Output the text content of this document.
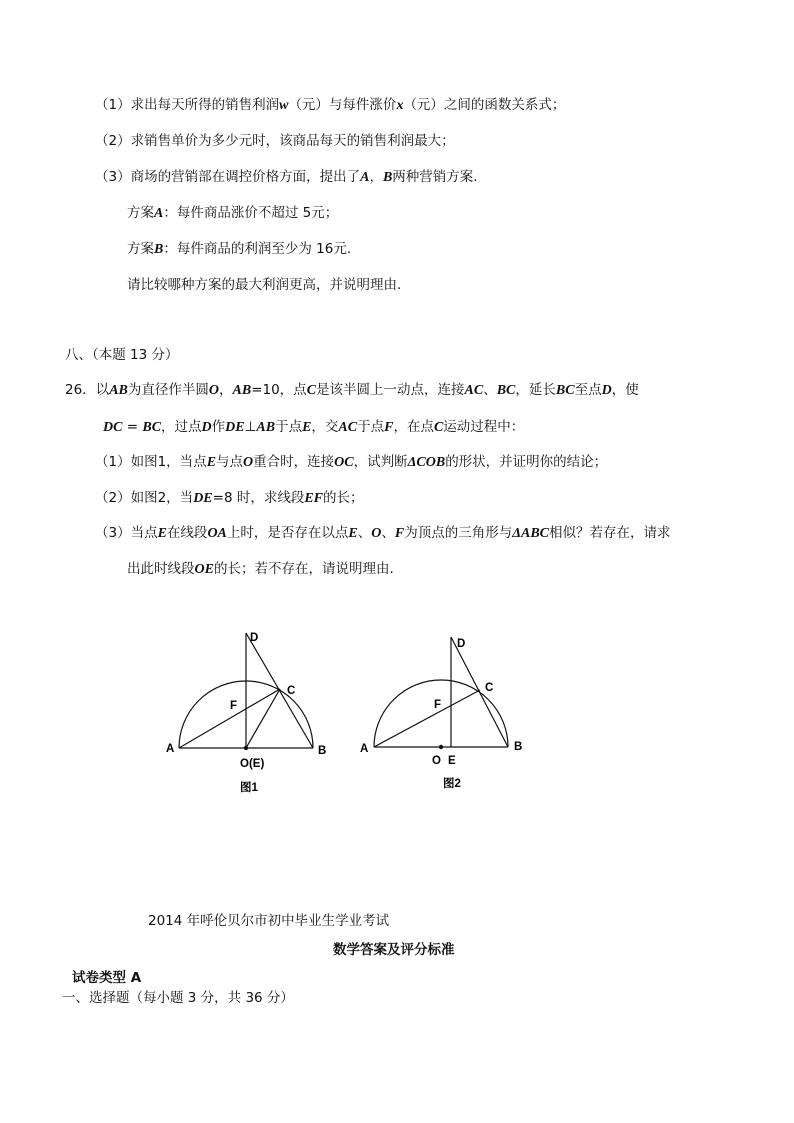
（1）求出每天所得的销售利润w（元）与每件涨价x（元）之间的函数关系式；
（2）求销售单价为多少元时，该商品每天的销售利润最大；
（3）商场的营销部在调控价格方面，提出了A，B两种营销方案.
方案A：每件商品涨价不超过 5元；
方案B：每件商品的利润至少为 16元.
请比较哪种方案的最大利润更高，并说明理由.
八、（本题 13 分）
26．以AB为直径作半圆O，AB=10，点C是该半圆上一动点，连接AC、BC，延长BC至点D，使
DC = BC，过点D作DE⊥AB于点E，交AC于点F，在点C运动过程中：
（1）如图1，当点E与点O重合时，连接OC，试判断ΔCOB的形状，并证明你的结论；
（2）如图2，当DE=8 时，求线段EF的长；
（3）当点E在线段OA上时，是否存在以点E、O、F为顶点的三角形与ΔABC相似？若存在，请求
出此时线段OE的长；若不存在，请说明理由.
D
C
F
A	B
O(E)
图1
D
C
F
A	B
O E
图2
2014 年呼伦贝尔市初中毕业生学业考试
数学答案及评分标准
试卷类型 A
一、选择题（每小题 3 分，共 36 分）
